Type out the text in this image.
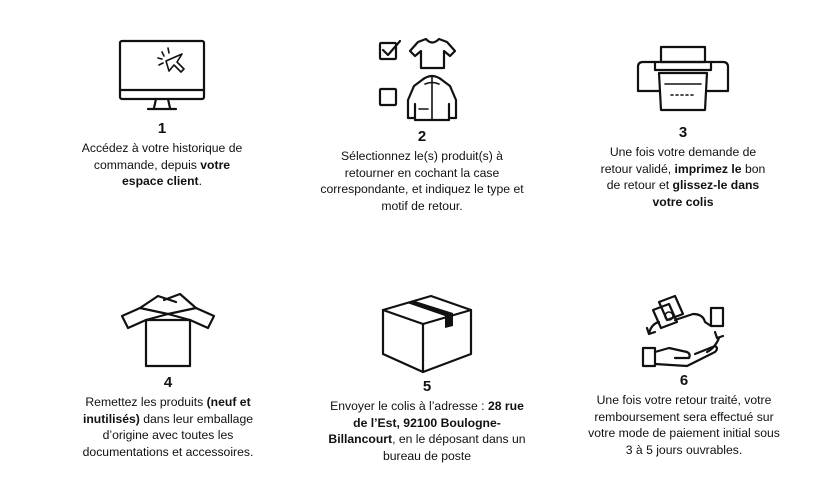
1
Accédez à votre historique de commande, depuis votre espace client.
2
Sélectionnez le(s) produit(s) à retourner en cochant la case correspondante, et indiquez le type et motif de retour.
3
Une fois votre demande de retour validé, imprimez le bon de retour et glissez-le dans votre colis
4
Remettez les produits (neuf et inutilisés) dans leur emballage d’origine avec toutes les documentations et accessoires.
5
Envoyer le colis à l’adresse : 28 rue de l’Est, 92100 Boulogne-Billancourt, en le déposant dans un bureau de poste
6
Une fois votre retour traité, votre remboursement sera effectué sur votre mode de paiement initial sous 3 à 5 jours ouvrables.
